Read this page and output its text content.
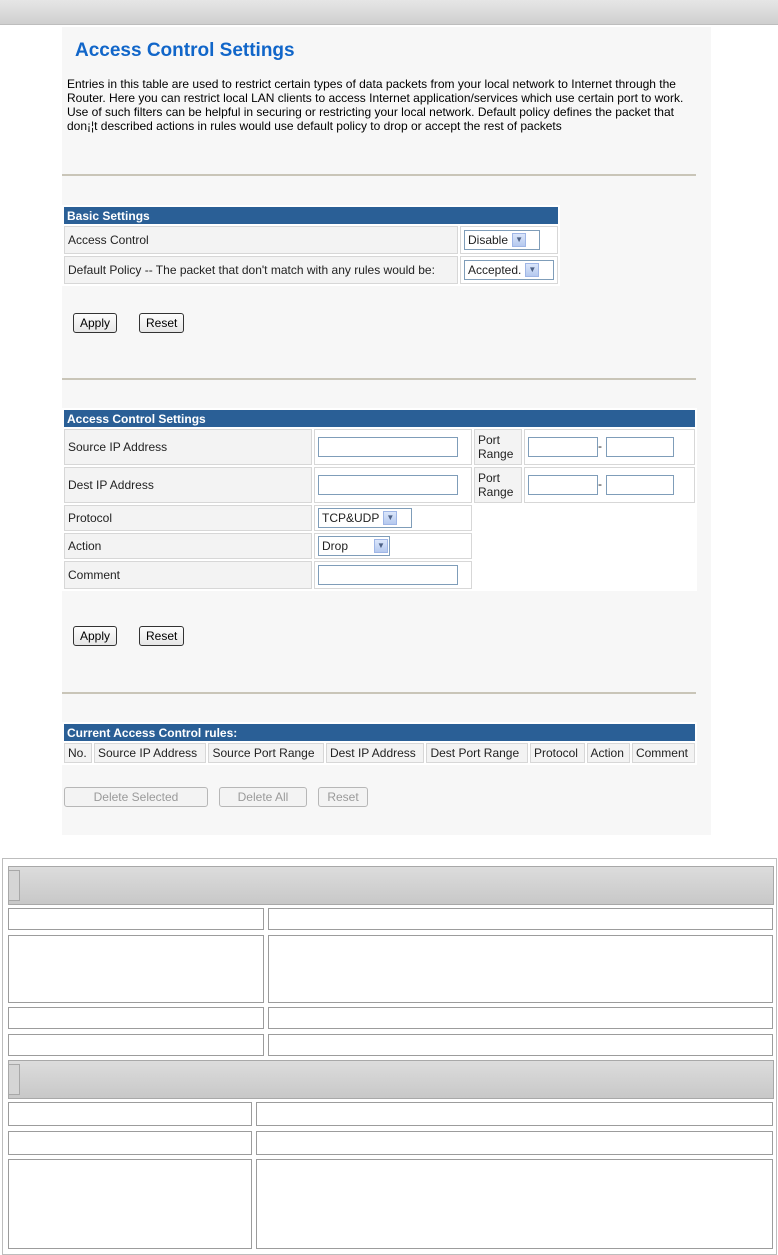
Access Control Settings
Entries in this table are used to restrict certain types of data packets from your local network to Internet through the Router. Here you can restrict local LAN clients to access Internet application/services which use certain port to work. Use of such filters can be helpful in securing or restricting your local network. Default policy defines the packet that don¡¦t described actions in rules would use default policy to drop or accept the rest of packets
Basic Settings	
Access Control	Disable ▼

Default Policy -- The packet that don't match with any rules would be:	Accepted. ▼
Apply	Reset
Access Control Settings			
Source IP Address		Port Range	-
Dest IP Address		Port Range	-
Protocol	TCP&UDP ▼		

Action	Drop ▼		

Comment			
Apply	Reset
Current Access Control rules:
No.	Source IP Address	Source Port Range	Dest IP Address	Dest Port Range	Protocol	Action	Comment
Delete Selected	Delete All	Reset
